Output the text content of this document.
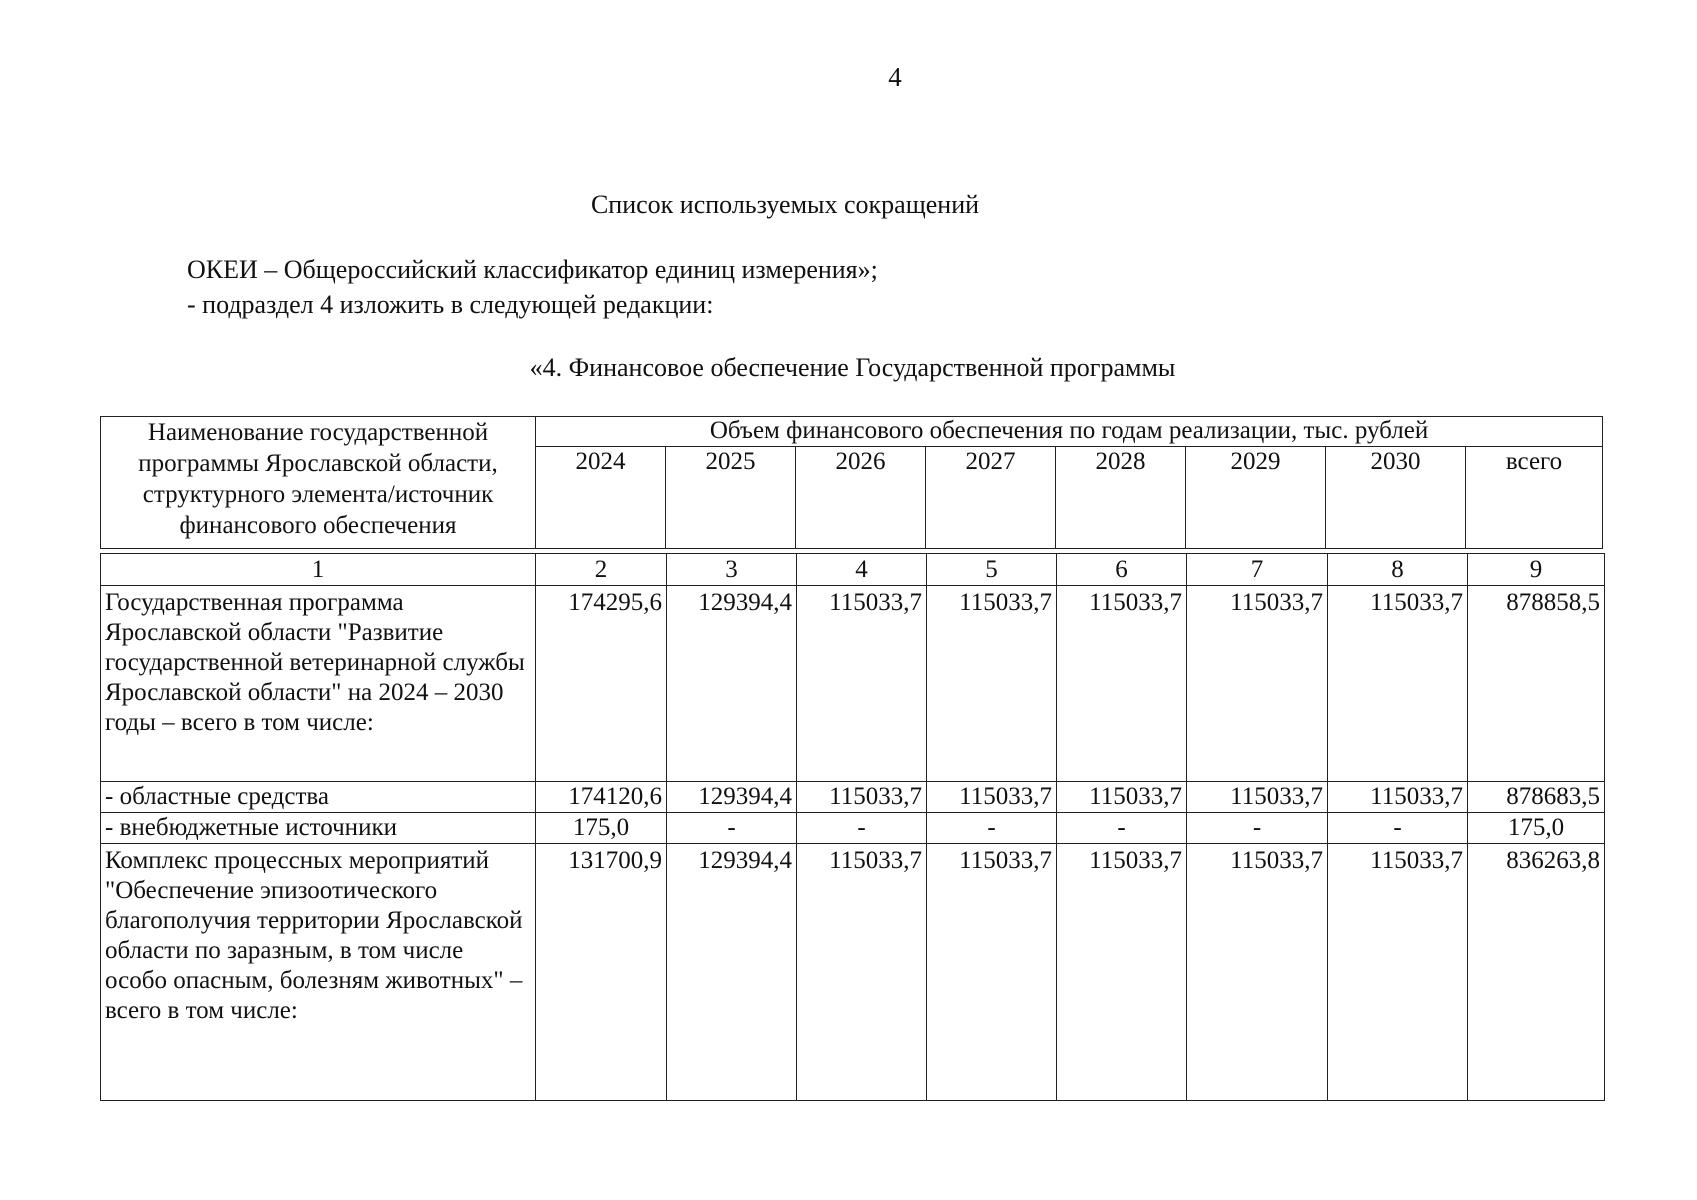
4
Список используемых сокращений
ОКЕИ – Общероссийский классификатор единиц измерения»;
- подраздел 4 изложить в следующей редакции:
«4. Финансовое обеспечение Государственной программы
Наименование государственной программы Ярославской области, структурного элемента/источник финансового обеспечения	Объем финансового обеспечения по годам реализации, тыс. рублей							
	2024	2025	2026	2027	2028	2029	2030	всего
1	2	3	4	5	6	7	8	9
Государственная программа Ярославской области "Развитие государственной ветеринарной службы Ярославской области" на 2024 – 2030 годы – всего в том числе:	174295,6	129394,4	115033,7	115033,7	115033,7	115033,7	115033,7	878858,5
- областные средства	174120,6	129394,4	115033,7	115033,7	115033,7	115033,7	115033,7	878683,5
- внебюджетные источники	175,0	-	-	-	-	-	-	175,0
Комплекс процессных мероприятий "Обеспечение эпизоотического благополучия территории Ярославской области по заразным, в том числе особо опасным, болезням животных" – всего в том числе:	131700,9	129394,4	115033,7	115033,7	115033,7	115033,7	115033,7	836263,8
